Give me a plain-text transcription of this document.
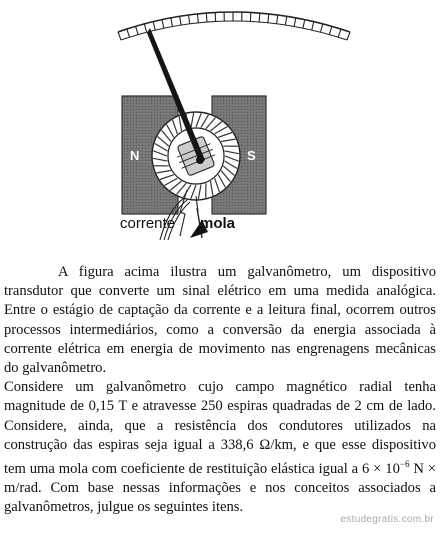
N	S
corrente mola

A figura acima ilustra um galvanômetro, um dispositivo transdutor que converte um sinal elétrico em uma medida analógica. Entre o estágio de captação da corrente e a leitura final, ocorrem outros processos intermediários, como a conversão da energia associada à corrente elétrica em energia de movimento nas engrenagens mecânicas do galvanômetro.

Considere um galvanômetro cujo campo magnético radial tenha magnitude de 0,15 T e atravesse 250 espiras quadradas de 2 cm de lado. Considere, ainda, que a resistência dos condutores utilizados na construção das espiras seja igual a 338,6 Ω/km, e que esse dispositivo tem uma mola com coeficiente de restituição elástica igual a $6 \times 10^{-6}$ N × m/rad. Com base nessas informações e nos conceitos associados a galvanômetros, julgue os seguintes itens.

estudegratis.com.br
